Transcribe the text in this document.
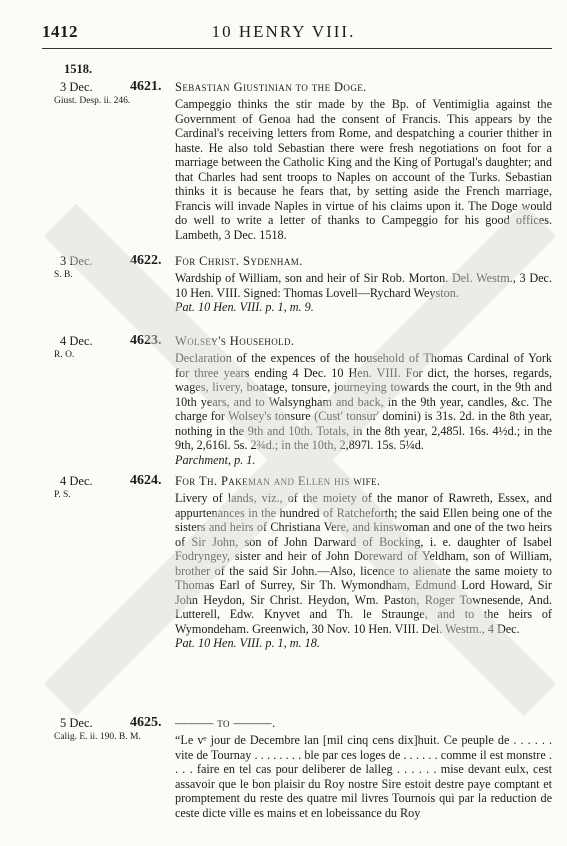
1412	10 HENRY VIII.
1518.
3 Dec.
Giust. Desp. ii. 246.
4621. Sebastian Giustinian to the Doge.
Campeggio thinks the stir made by the Bp. of Ventimiglia against the Government of Genoa had the consent of Francis. This appears by the Cardinal's receiving letters from Rome, and despatching a courier thither in haste. He also told Sebastian there were fresh negotiations on foot for a marriage between the Catholic King and the King of Portugal's daughter; and that Charles had sent troops to Naples on account of the Turks. Sebastian thinks it is because he fears that, by setting aside the French marriage, Francis will invade Naples in virtue of his claims upon it. The Doge would do well to write a letter of thanks to Campeggio for his good offices. Lambeth, 3 Dec. 1518.
3 Dec.
S. B.
4622. For Christ. Sydenham.
Wardship of William, son and heir of Sir Rob. Morton. Del. Westm., 3 Dec. 10 Hen. VIII. Signed: Thomas Lovell—Rychard Weyston.
Pat. 10 Hen. VIII. p. 1, m. 9.
4 Dec.
R. O.
4623. Wolsey's Household.
Declaration of the expences of the household of Thomas Cardinal of York for three years ending 4 Dec. 10 Hen. VIII. For dict, the horses, regards, wages, livery, boatage, tonsure, journeying towards the court, in the 9th and 10th years, and to Walsyngham and back, in the 9th year, candles, &c. The charge for Wolsey's tonsure (Cust' tonsur' domini) is 31s. 2d. in the 8th year, nothing in the 9th and 10th. Totals, in the 8th year, 2,485l. 16s. 4½d.; in the 9th, 2,616l. 5s. 2¾d.; in the 10th, 2,897l. 15s. 5¼d.
Parchment, p. 1.
4 Dec.
P. S.
4624. For Th. Pakeman and Ellen his wife.
Livery of lands, viz., of the moiety of the manor of Rawreth, Essex, and appurtenances in the hundred of Ratcheforth; the said Ellen being one of the sisters and heirs of Christiana Vere, and kinswoman and one of the two heirs of Sir John, son of John Darward of Bocking, i. e. daughter of Isabel Fodryngey, sister and heir of John Doreward of Yeldham, son of William, brother of the said Sir John.—Also, licence to alienate the same moiety to Thomas Earl of Surrey, Sir Th. Wymondham, Edmund Lord Howard, Sir John Heydon, Sir Christ. Heydon, Wm. Paston, Roger Townesende, And. Lutterell, Edw. Knyvet and Th. le Straunge, and to the heirs of Wymondeham. Greenwich, 30 Nov. 10 Hen. VIII. Del. Westm., 4 Dec.
Pat. 10 Hen. VIII. p. 1, m. 18.
5 Dec.
Calig. E. ii. 190. B. M.
4625. ——— to ———.
“Le vᵉ jour de Decembre lan [mil cinq cens dix]huit. Ce peuple de . . . . . . vite de Tournay . . . . . . . . ble par ces loges de . . . . . . comme il est monstre . . . . faire en tel cas pour deliberer de lalleg . . . . . . mise devant eulx, cest assavoir que le bon plaisir du Roy nostre Sire estoit destre paye comptant et promptement du reste des quatre mil livres Tournois qui par la reduction de ceste dicte ville es mains et en lobeissance du Roy
